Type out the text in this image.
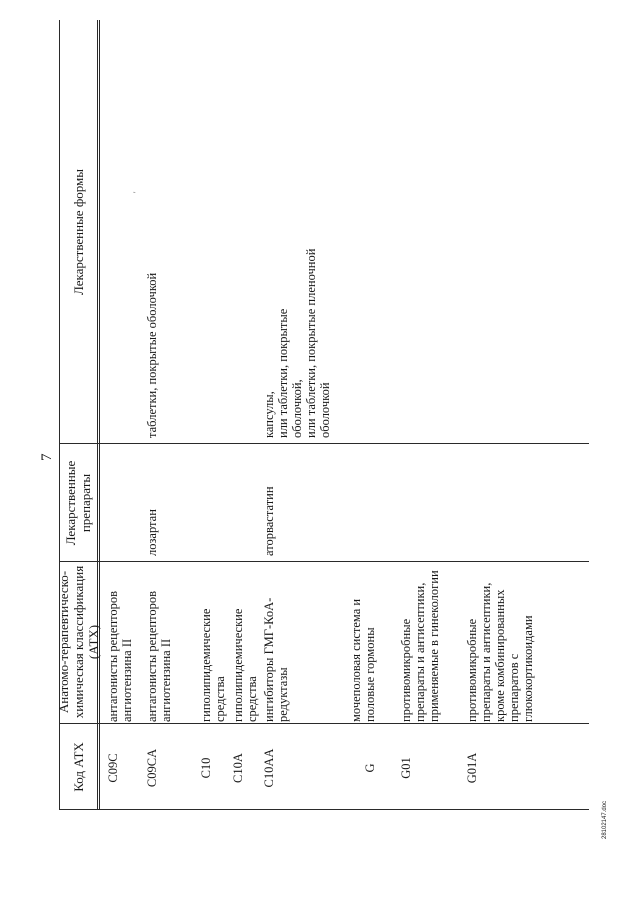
7
'
Код АТХ
Анатомо-терапевтическо-химическая классификация (АТХ)
Лекарственные препараты
Лекарственные формы
C09C
антагонисты рецепторов ангиотензина II
C09CA
антагонисты рецепторов ангиотензина II
лозартан
таблетки, покрытые оболочкой
C10
гиполипидемические средства
C10A
гиполипидемические средства
C10AA
ингибиторы ГМГ-КоА-редуктазы
аторвастатин
капсулы,
или таблетки, покрытые оболочкой,
или таблетки, покрытые пленочной оболочкой
G
мочеполовая система и половые гормоны
G01
противомикробные препараты и антисептики, применяемые в гинекологии
G01A
противомикробные препараты и антисептики, кроме комбинированных препаратов с глюкокортикоидами
28102147.doc
